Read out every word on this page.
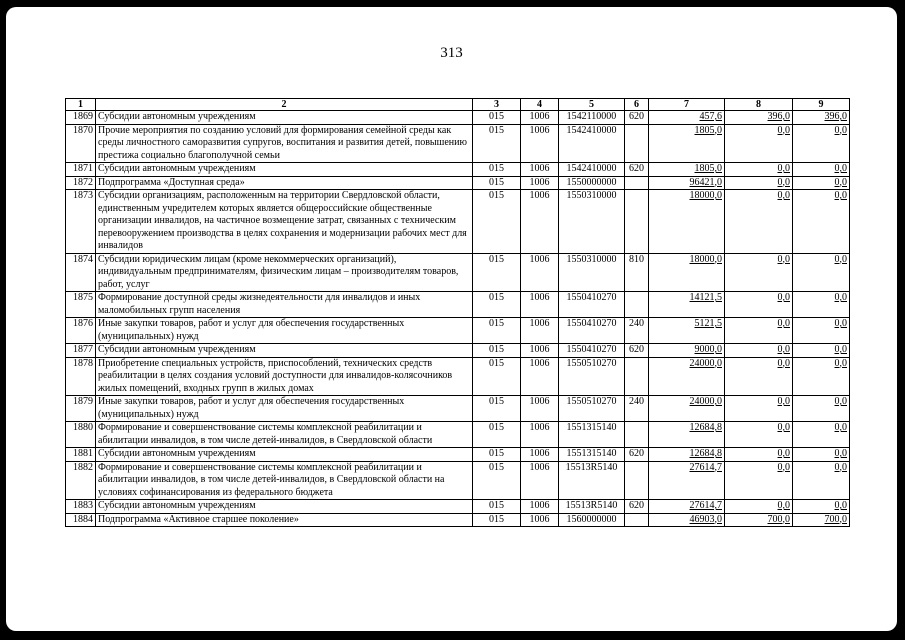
313
1	2	3	4	5	6	7	8	9
1869	Субсидии автономным учреждениям	015	1006	1542110000	620	457,6	396,0	396,0
1870	Прочие мероприятия по созданию условий для формирования семейной среды как среды личностного саморазвития супругов, воспитания и развития детей, повышению престижа социально благополучной семьи	015	1006	1542410000		1805,0	0,0	0,0
1871	Субсидии автономным учреждениям	015	1006	1542410000	620	1805,0	0,0	0,0
1872	Подпрограмма «Доступная среда»	015	1006	1550000000		96421,0	0,0	0,0
1873	Субсидии организациям, расположенным на территории Свердловской области, единственным учредителем которых является общероссийские общественные организации инвалидов, на частичное возмещение затрат, связанных с техническим перевооружением производства в целях сохранения и модернизации рабочих мест для инвалидов	015	1006	1550310000		18000,0	0,0	0,0
1874	Субсидии юридическим лицам (кроме некоммерческих организаций), индивидуальным предпринимателям, физическим лицам – производителям товаров, работ, услуг	015	1006	1550310000	810	18000,0	0,0	0,0
1875	Формирование доступной среды жизнедеятельности для инвалидов и иных маломобильных групп населения	015	1006	1550410270		14121,5	0,0	0,0
1876	Иные закупки товаров, работ и услуг для обеспечения государственных (муниципальных) нужд	015	1006	1550410270	240	5121,5	0,0	0,0
1877	Субсидии автономным учреждениям	015	1006	1550410270	620	9000,0	0,0	0,0
1878	Приобретение специальных устройств, приспособлений, технических средств реабилитации в целях создания условий доступности для инвалидов-колясочников жилых помещений, входных групп в жилых домах	015	1006	1550510270		24000,0	0,0	0,0
1879	Иные закупки товаров, работ и услуг для обеспечения государственных (муниципальных) нужд	015	1006	1550510270	240	24000,0	0,0	0,0
1880	Формирование и совершенствование системы комплексной реабилитации и абилитации инвалидов, в том числе детей-инвалидов, в Свердловской области	015	1006	1551315140		12684,8	0,0	0,0
1881	Субсидии автономным учреждениям	015	1006	1551315140	620	12684,8	0,0	0,0
1882	Формирование и совершенствование системы комплексной реабилитации и абилитации инвалидов, в том числе детей-инвалидов, в Свердловской области на условиях софинансирования из федерального бюджета	015	1006	15513R5140		27614,7	0,0	0,0
1883	Субсидии автономным учреждениям	015	1006	15513R5140	620	27614,7	0,0	0,0
1884	Подпрограмма «Активное старшее поколение»	015	1006	1560000000		46903,0	700,0	700,0
